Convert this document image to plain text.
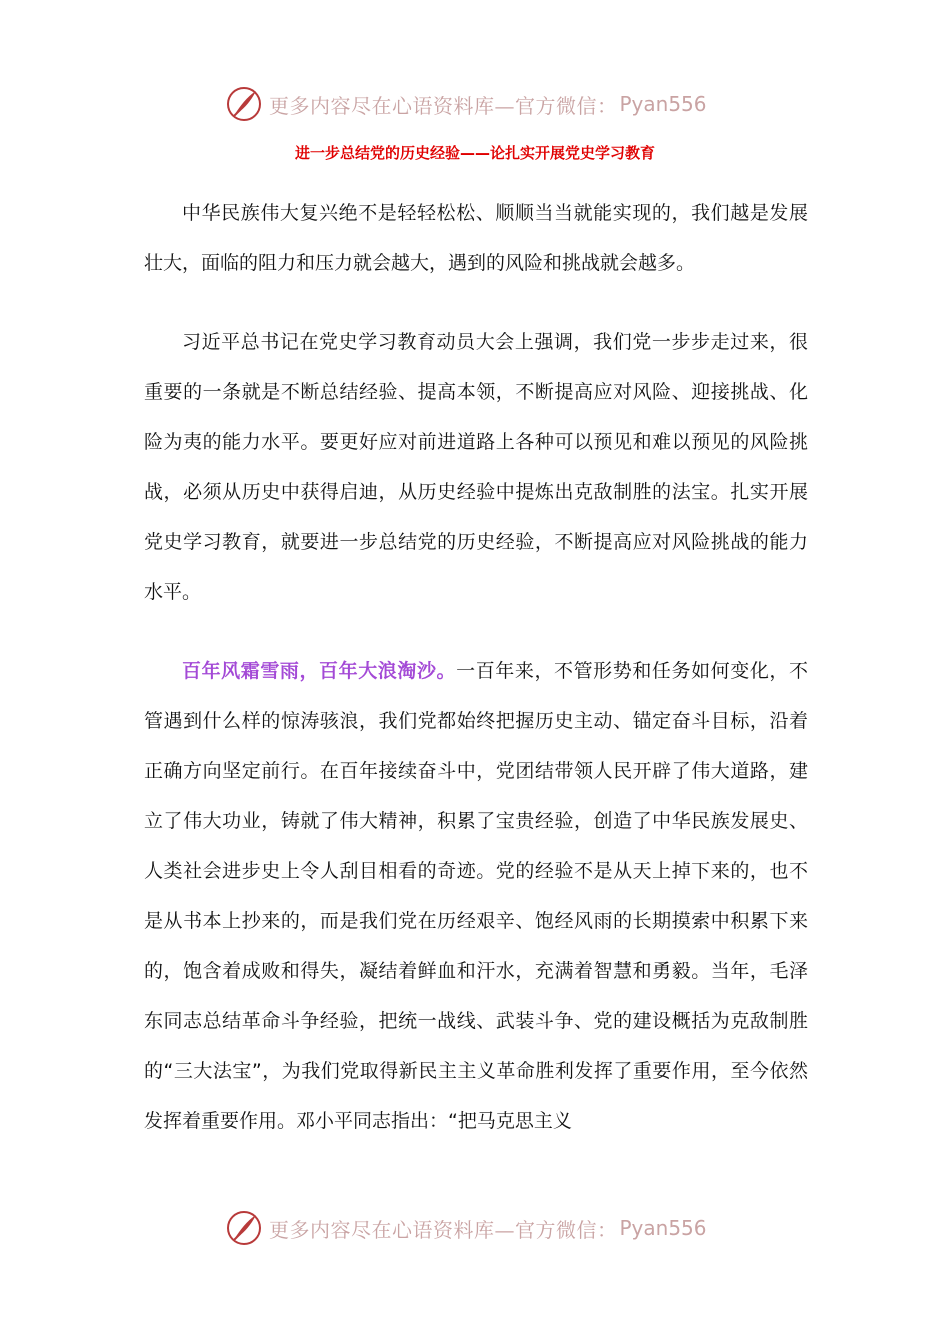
更多内容尽在心语资料库—官方微信： Pyan556
进一步总结党的历史经验——论扎实开展党史学习教育

中华民族伟大复兴绝不是轻轻松松、顺顺当当就能实现的，我们越是发展壮大，面临的阻力和压力就会越大，遇到的风险和挑战就会越多。

习近平总书记在党史学习教育动员大会上强调，我们党一步步走过来，很重要的一条就是不断总结经验、提高本领，不断提高应对风险、迎接挑战、化险为夷的能力水平。要更好应对前进道路上各种可以预见和难以预见的风险挑战，必须从历史中获得启迪，从历史经验中提炼出克敌制胜的法宝。扎实开展党史学习教育，就要进一步总结党的历史经验，不断提高应对风险挑战的能力水平。

百年风霜雪雨，百年大浪淘沙。一百年来，不管形势和任务如何变化，不管遇到什么样的惊涛骇浪，我们党都始终把握历史主动、锚定奋斗目标，沿着正确方向坚定前行。在百年接续奋斗中，党团结带领人民开辟了伟大道路，建立了伟大功业，铸就了伟大精神，积累了宝贵经验，创造了中华民族发展史、人类社会进步史上令人刮目相看的奇迹。党的经验不是从天上掉下来的，也不是从书本上抄来的，而是我们党在历经艰辛、饱经风雨的长期摸索中积累下来的，饱含着成败和得失，凝结着鲜血和汗水，充满着智慧和勇毅。当年，毛泽东同志总结革命斗争经验，把统一战线、武装斗争、党的建设概括为克敌制胜的“三大法宝”，为我们党取得新民主主义革命胜利发挥了重要作用，至今依然发挥着重要作用。邓小平同志指出：“把马克思主义

更多内容尽在心语资料库—官方微信： Pyan556
